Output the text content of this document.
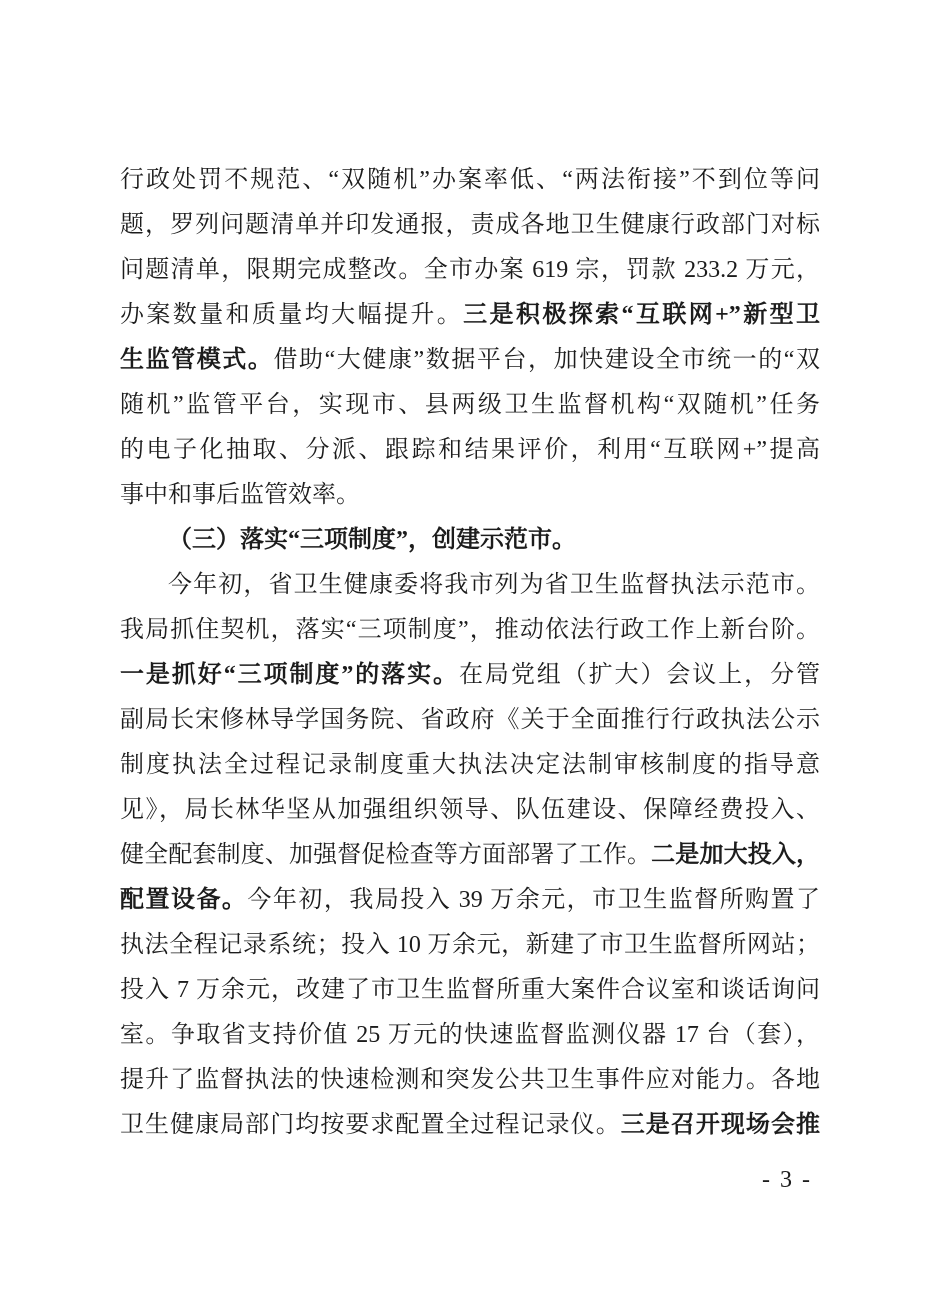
行政处罚不规范、“双随机”办案率低、“两法衔接”不到位等问
题，罗列问题清单并印发通报，责成各地卫生健康行政部门对标
问题清单，限期完成整改。全市办案 619 宗，罚款 233.2 万元，
办案数量和质量均大幅提升。三是积极探索“互联网+”新型卫
生监管模式。借助“大健康”数据平台，加快建设全市统一的“双
随机”监管平台，实现市、县两级卫生监督机构“双随机”任务
的电子化抽取、分派、跟踪和结果评价，利用“互联网+”提高
事中和事后监管效率。
（三）落实“三项制度”，创建示范市。
今年初，省卫生健康委将我市列为省卫生监督执法示范市。
我局抓住契机，落实“三项制度”，推动依法行政工作上新台阶。
一是抓好“三项制度”的落实。在局党组（扩大）会议上，分管
副局长宋修林导学国务院、省政府《关于全面推行行政执法公示
制度执法全过程记录制度重大执法决定法制审核制度的指导意
见》，局长林华坚从加强组织领导、队伍建设、保障经费投入、
健全配套制度、加强督促检查等方面部署了工作。二是加大投入，
配置设备。今年初，我局投入 39 万余元，市卫生监督所购置了
执法全程记录系统；投入 10 万余元，新建了市卫生监督所网站；
投入 7 万余元，改建了市卫生监督所重大案件合议室和谈话询问
室。争取省支持价值 25 万元的快速监督监测仪器 17 台（套），
提升了监督执法的快速检测和突发公共卫生事件应对能力。各地
卫生健康局部门均按要求配置全过程记录仪。三是召开现场会推
- 3 -
